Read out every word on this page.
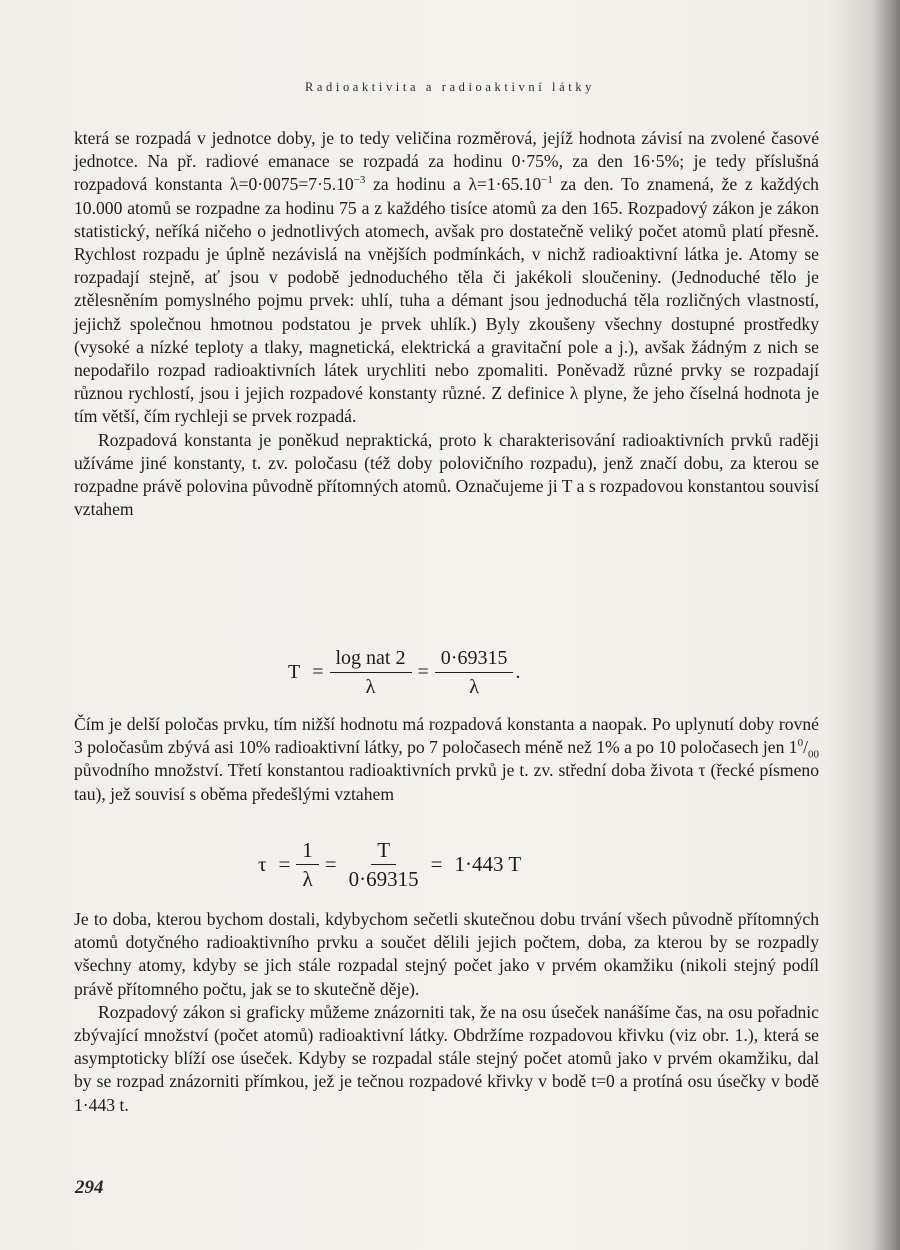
Radioaktivita a radioaktivní látky

která se rozpadá v jednotce doby, je to tedy veličina rozměrová, jejíž hodnota závisí na zvolené časové jednotce. Na př. radiové emanace se rozpadá za hodinu 0·75%, za den 16·5%; je tedy příslušná rozpadová konstanta $\lambda=0\cdot 0075=7\cdot 5.10^{-3}$ za hodinu a $\lambda=1\cdot 65.10^{-1}$ za den. To znamená, že z každých 10.000 atomů se rozpadne za hodinu 75 a z každého tisíce atomů za den 165. Rozpadový zákon je zákon statistický, neříká ničeho o jednotlivých atomech, avšak pro dostatečně veliký počet atomů platí přesně. Rychlost rozpadu je úplně nezávislá na vnějších podmínkách, v nichž radioaktivní látka je. Atomy se rozpadají stejně, ať jsou v podobě jednoduchého těla či jakékoli sloučeniny. (Jednoduché tělo je ztělesněním pomyslného pojmu prvek: uhlí, tuha a démant jsou jednoduchá těla rozličných vlastností, jejichž společnou hmotnou podstatou je prvek uhlík.) Byly zkoušeny všechny dostupné prostředky (vysoké a nízké teploty a tlaky, magnetická, elektrická a gravitační pole a j.), avšak žádným z nich se nepodařilo rozpad radioaktivních látek urychliti nebo zpomaliti. Poněvadž různé prvky se rozpadají různou rychlostí, jsou i jejich rozpadové konstanty různé. Z definice λ plyne, že jeho číselná hodnota je tím větší, čím rychleji se prvek rozpadá.

Rozpadová konstanta je poněkud nepraktická, proto k charakterisování radioaktivních prvků raději užíváme jiné konstanty, t. zv. poločasu (též doby polovičního rozpadu), jenž značí dobu, za kterou se rozpadne právě polovina původně přítomných atomů. Označujeme ji T a s rozpadovou konstantou souvisí vztahem

$T = \frac{\text{log nat 2}}{\lambda} = \frac{0\cdot 69315}{\lambda}$ .

Čím je delší poločas prvku, tím nižší hodnotu má rozpadová konstanta a naopak. Po uplynutí doby rovné 3 poločasům zbývá asi 10% radioaktivní látky, po 7 poločasech méně než 1% a po 10 poločasech jen $1^0/_{00}$ původního množství. Třetí konstantou radioaktivních prvků je t. zv. střední doba života τ (řecké písmeno tau), jež souvisí s oběma předešlými vztahem

$\tau = \frac{1}{\lambda} = \frac{T}{0\cdot 69315} = 1\cdot 443$ T

Je to doba, kterou bychom dostali, kdybychom sečetli skutečnou dobu trvání všech původně přítomných atomů dotyčného radioaktivního prvku a součet dělili jejich počtem, doba, za kterou by se rozpadly všechny atomy, kdyby se jich stále rozpadal stejný počet jako v prvém okamžiku (nikoli stejný podíl právě přítomného počtu, jak se to skutečně děje).

Rozpadový zákon si graficky můžeme znázorniti tak, že na osu úseček nanášíme čas, na osu pořadnic zbývající množství (počet atomů) radioaktivní látky. Obdržíme rozpadovou křivku (viz obr. 1.), která se asymptoticky blíží ose úseček. Kdyby se rozpadal stále stejný počet atomů jako v prvém okamžiku, dal by se rozpad znázorniti přímkou, jež je tečnou rozpadové křivky v bodě t=0 a protíná osu úsečky v bodě 1·443 t.

294
